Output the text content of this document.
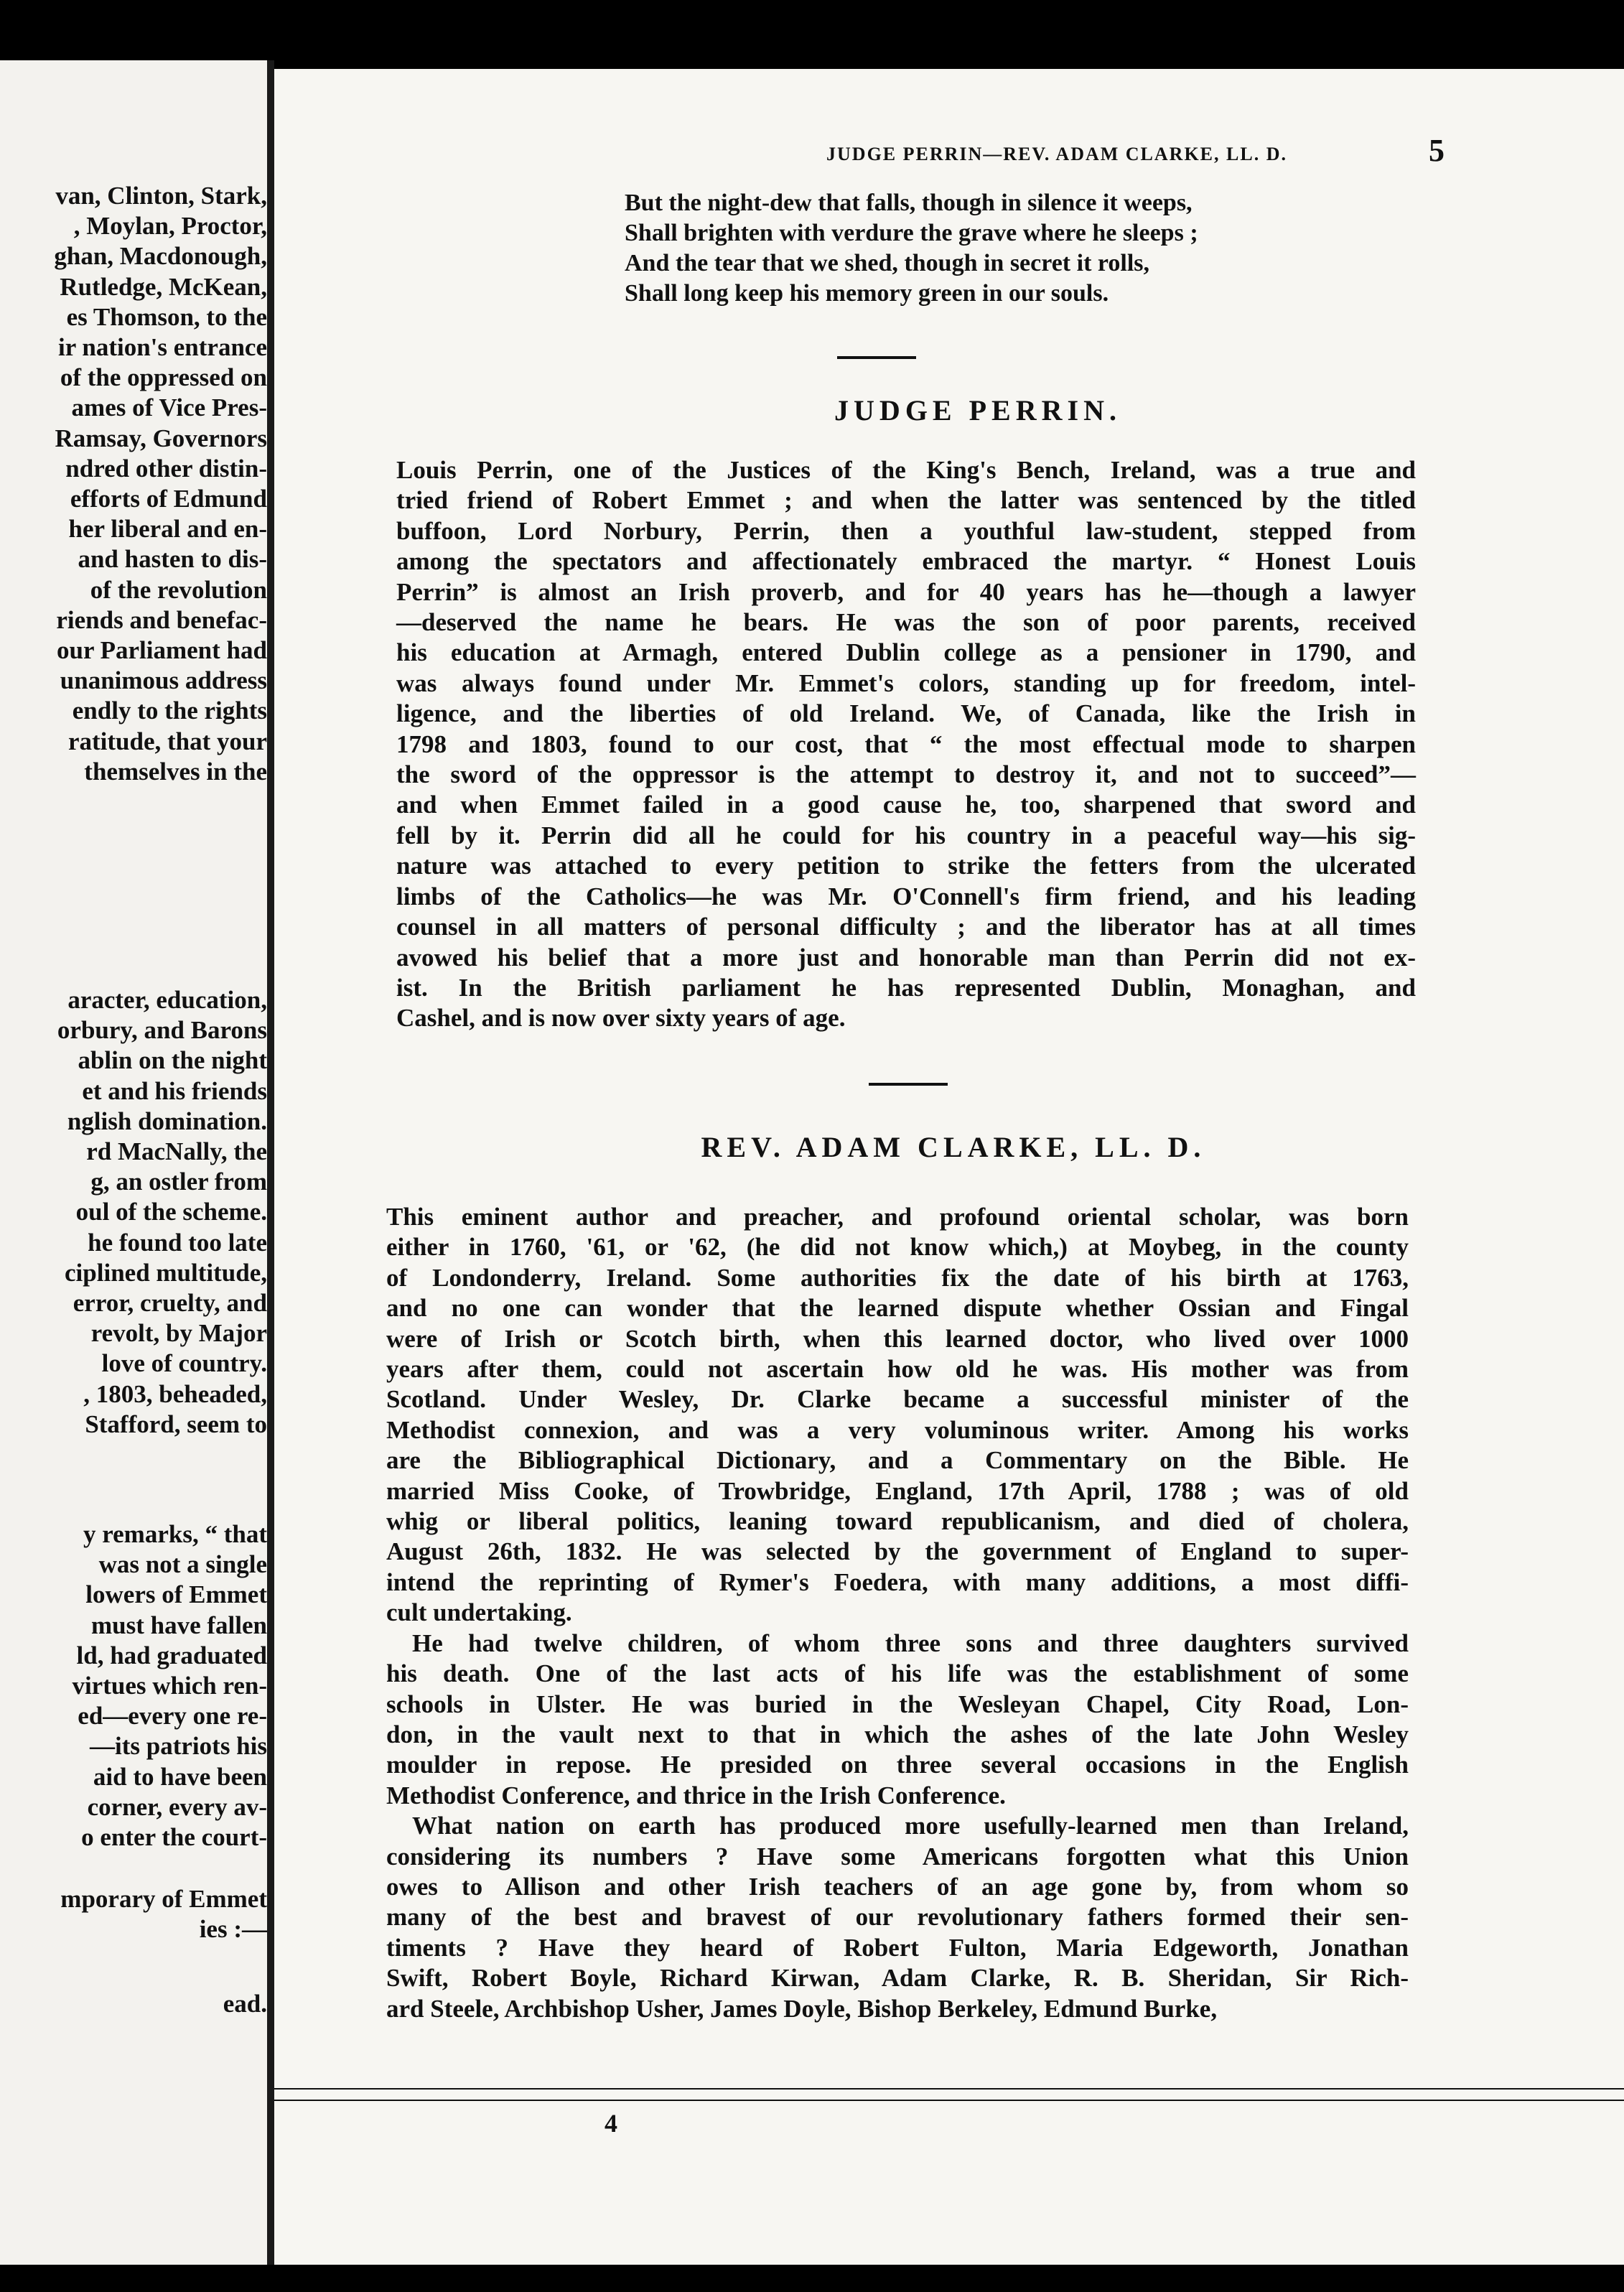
van, Clinton, Stark,
, Moylan, Proctor,
ghan, Macdonough,
Rutledge, McKean,
es Thomson, to the
ir nation's entrance
of the oppressed on
ames of Vice Pres-
Ramsay, Governors
ndred other distin-
efforts of Edmund
her liberal and en-
and hasten to dis-
of the revolution
riends and benefac-
our Parliament had
unanimous address
endly to the rights
ratitude, that your
themselves in the
aracter, education,
orbury, and Barons
ablin on the night
et and his friends
nglish domination.
rd MacNally, the
g, an ostler from
oul of the scheme.
he found too late
ciplined multitude,
error, cruelty, and
revolt, by Major
love of country.
, 1803, beheaded,
Stafford, seem to
y remarks, “ that
was not a single
lowers of Emmet
must have fallen
ld, had graduated
virtues which ren-
ed—every one re-
—its patriots his
aid to have been
corner, every av-
o enter the court-
mporary of Emmet
ies :—
ead.
JUDGE PERRIN—REV. ADAM CLARKE, LL. D.	5
But the night-dew that falls, though in silence it weeps,
Shall brighten with verdure the grave where he sleeps ;
And the tear that we shed, though in secret it rolls,
Shall long keep his memory green in our souls.
JUDGE PERRIN.
Louis Perrin, one of the Justices of the King's Bench, Ireland, was a true and
tried friend of Robert Emmet ; and when the latter was sentenced by the titled
buffoon, Lord Norbury, Perrin, then a youthful law-student, stepped from
among the spectators and affectionately embraced the martyr. “ Honest Louis
Perrin” is almost an Irish proverb, and for 40 years has he—though a lawyer
—deserved the name he bears. He was the son of poor parents, received
his education at Armagh, entered Dublin college as a pensioner in 1790, and
was always found under Mr. Emmet's colors, standing up for freedom, intel-
ligence, and the liberties of old Ireland. We, of Canada, like the Irish in
1798 and 1803, found to our cost, that “ the most effectual mode to sharpen
the sword of the oppressor is the attempt to destroy it, and not to succeed”—
and when Emmet failed in a good cause he, too, sharpened that sword and
fell by it. Perrin did all he could for his country in a peaceful way—his sig-
nature was attached to every petition to strike the fetters from the ulcerated
limbs of the Catholics—he was Mr. O'Connell's firm friend, and his leading
counsel in all matters of personal difficulty ; and the liberator has at all times
avowed his belief that a more just and honorable man than Perrin did not ex-
ist. In the British parliament he has represented Dublin, Monaghan, and
Cashel, and is now over sixty years of age.
REV. ADAM CLARKE, LL. D.
This eminent author and preacher, and profound oriental scholar, was born
either in 1760, '61, or '62, (he did not know which,) at Moybeg, in the county
of Londonderry, Ireland. Some authorities fix the date of his birth at 1763,
and no one can wonder that the learned dispute whether Ossian and Fingal
were of Irish or Scotch birth, when this learned doctor, who lived over 1000
years after them, could not ascertain how old he was. His mother was from
Scotland. Under Wesley, Dr. Clarke became a successful minister of the
Methodist connexion, and was a very voluminous writer. Among his works
are the Bibliographical Dictionary, and a Commentary on the Bible. He
married Miss Cooke, of Trowbridge, England, 17th April, 1788 ; was of old
whig or liberal politics, leaning toward republicanism, and died of cholera,
August 26th, 1832. He was selected by the government of England to super-
intend the reprinting of Rymer's Foedera, with many additions, a most diffi-
cult undertaking.
He had twelve children, of whom three sons and three daughters survived
his death. One of the last acts of his life was the establishment of some
schools in Ulster. He was buried in the Wesleyan Chapel, City Road, Lon-
don, in the vault next to that in which the ashes of the late John Wesley
moulder in repose. He presided on three several occasions in the English
Methodist Conference, and thrice in the Irish Conference.
What nation on earth has produced more usefully-learned men than Ireland,
considering its numbers ? Have some Americans forgotten what this Union
owes to Allison and other Irish teachers of an age gone by, from whom so
many of the best and bravest of our revolutionary fathers formed their sen-
timents ? Have they heard of Robert Fulton, Maria Edgeworth, Jonathan
Swift, Robert Boyle, Richard Kirwan, Adam Clarke, R. B. Sheridan, Sir Rich-
ard Steele, Archbishop Usher, James Doyle, Bishop Berkeley, Edmund Burke,
4
